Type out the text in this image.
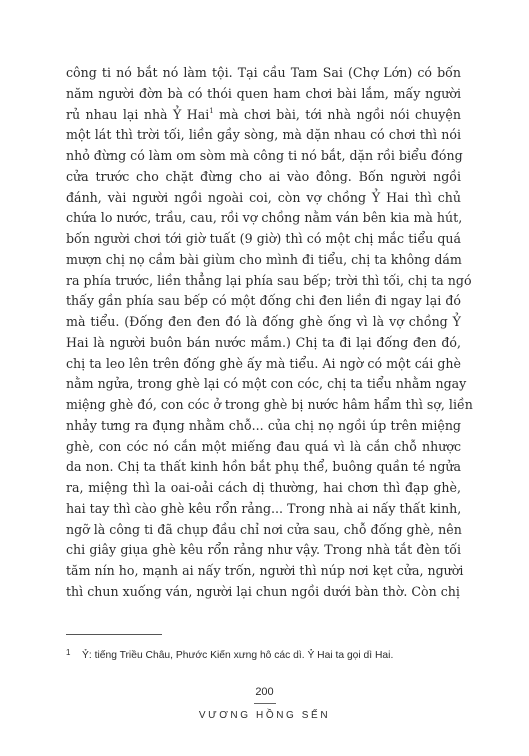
công ti nó bắt nó làm tội. Tại cầu Tam Sai (Chợ Lớn) có bốn
năm người đờn bà có thói quen ham chơi bài lắm, mấy người
rủ nhau lại nhà Ỷ Hai$^1$ mà chơi bài, tới nhà ngồi nói chuyện
một lát thì trời tối, liền gầy sòng, mà dặn nhau có chơi thì nói
nhỏ đừng có làm om sòm mà công ti nó bắt, dặn rồi biểu đóng
cửa trước cho chặt đừng cho ai vào đông. Bốn người ngồi
đánh, vài người ngồi ngoài coi, còn vợ chồng Ỷ Hai thì chủ
chứa lo nước, trầu, cau, rồi vợ chồng nằm ván bên kia mà hút,
bốn người chơi tới giờ tuất (9 giờ) thì có một chị mắc tiểu quá
mượn chị nọ cầm bài giùm cho mình đi tiểu, chị ta không dám
ra phía trước, liền thẳng lại phía sau bếp; trời thì tối, chị ta ngó
thấy gần phía sau bếp có một đống chi đen liền đi ngay lại đó
mà tiểu. (Đống đen đen đó là đống ghè ống vì là vợ chồng Ỷ
Hai là người buôn bán nước mắm.) Chị ta đi lại đống đen đó,
chị ta leo lên trên đống ghè ấy mà tiểu. Ai ngờ có một cái ghè
nằm ngửa, trong ghè lại có một con cóc, chị ta tiểu nhằm ngay
miệng ghè đó, con cóc ở trong ghè bị nước hâm hẩm thì sợ, liền
nhảy tưng ra đụng nhằm chỗ... của chị nọ ngồi úp trên miệng
ghè, con cóc nó cắn một miếng đau quá vì là cắn chỗ nhược
da non. Chị ta thất kinh hồn bắt phụ thể, buông quần té ngửa
ra, miệng thì la oai-oải cách dị thường, hai chơn thì đạp ghè,
hai tay thì cào ghè kêu rổn rảng... Trong nhà ai nấy thất kinh,
ngỡ là công ti đã chụp đầu chỉ nơi cửa sau, chỗ đống ghè, nên
chi giây giụa ghè kêu rổn rảng như vậy. Trong nhà tắt đèn tối
tăm nín ho, mạnh ai nấy trốn, người thì núp nơi kẹt cửa, người
thì chun xuống ván, người lại chun ngồi dưới bàn thờ. Còn chị
1 Ỷ: tiếng Triều Châu, Phước Kiến xưng hô các dì. Ỷ Hai ta gọi dì Hai.
200
VƯƠNG HỒNG SẾN
